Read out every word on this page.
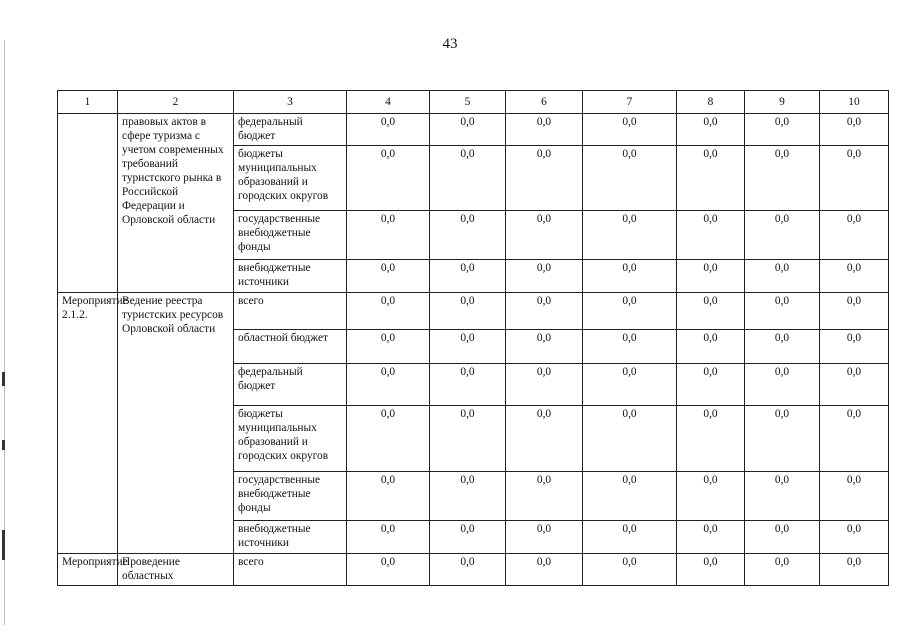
43
1	2	3	4	5	6	7	8	9	10
	правовых актов в сфере туризма с учетом современных требований туристского рынка в Российской Федерации и Орловской области	федеральный бюджет	0,0	0,0	0,0	0,0	0,0	0,0	0,0
		бюджеты муниципальных образований и городских округов	0,0	0,0	0,0	0,0	0,0	0,0	0,0
		государственные внебюджетные фонды	0,0	0,0	0,0	0,0	0,0	0,0	0,0
		внебюджетные источники	0,0	0,0	0,0	0,0	0,0	0,0	0,0
Мероприятие 2.1.2.	Ведение реестра туристских ресурсов Орловской области	всего	0,0	0,0	0,0	0,0	0,0	0,0	0,0
		областной бюджет	0,0	0,0	0,0	0,0	0,0	0,0	0,0
		федеральный бюджет	0,0	0,0	0,0	0,0	0,0	0,0	0,0
		бюджеты муниципальных образований и городских округов	0,0	0,0	0,0	0,0	0,0	0,0	0,0
		государственные внебюджетные фонды	0,0	0,0	0,0	0,0	0,0	0,0	0,0
		внебюджетные источники	0,0	0,0	0,0	0,0	0,0	0,0	0,0
Мероприятие	Проведение областных	всего	0,0	0,0	0,0	0,0	0,0	0,0	0,0
